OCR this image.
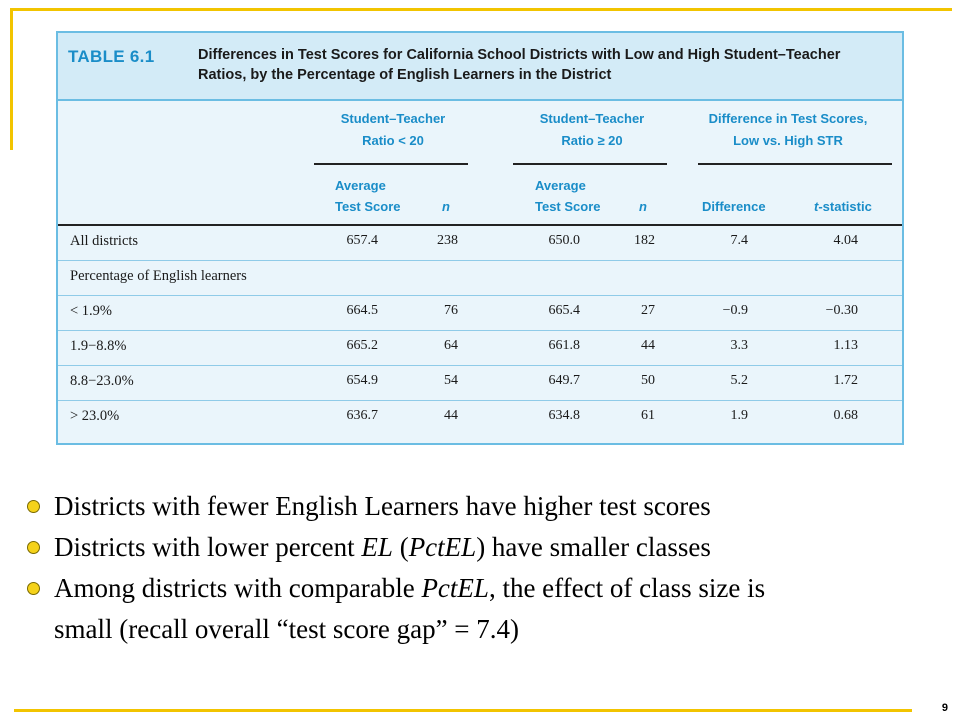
9
TABLE 6.1	Differences in Test Scores for California School Districts with Low and High Student–Teacher Ratios, by the Percentage of English Learners in the District
Student–Teacher
Ratio < 20
Student–Teacher
Ratio ≥ 20
Difference in Test Scores,
Low vs. High STR
Average
Test Score	n
Average
Test Score	n	Difference	t-statistic
All districts	657.4	238	650.0	182	7.4	4.04
Percentage of English learners
< 1.9%	664.5	76	665.4	27	−0.9	−0.30
1.9−8.8%	665.2	64	661.8	44	3.3	1.13
8.8−23.0%	654.9	54	649.7	50	5.2	1.72
> 23.0%	636.7	44	634.8	61	1.9	0.68
Districts with fewer English Learners have higher test scores
Districts with lower percent EL (PctEL) have smaller classes
Among districts with comparable PctEL, the effect of class size is
small (recall overall “test score gap” = 7.4)
